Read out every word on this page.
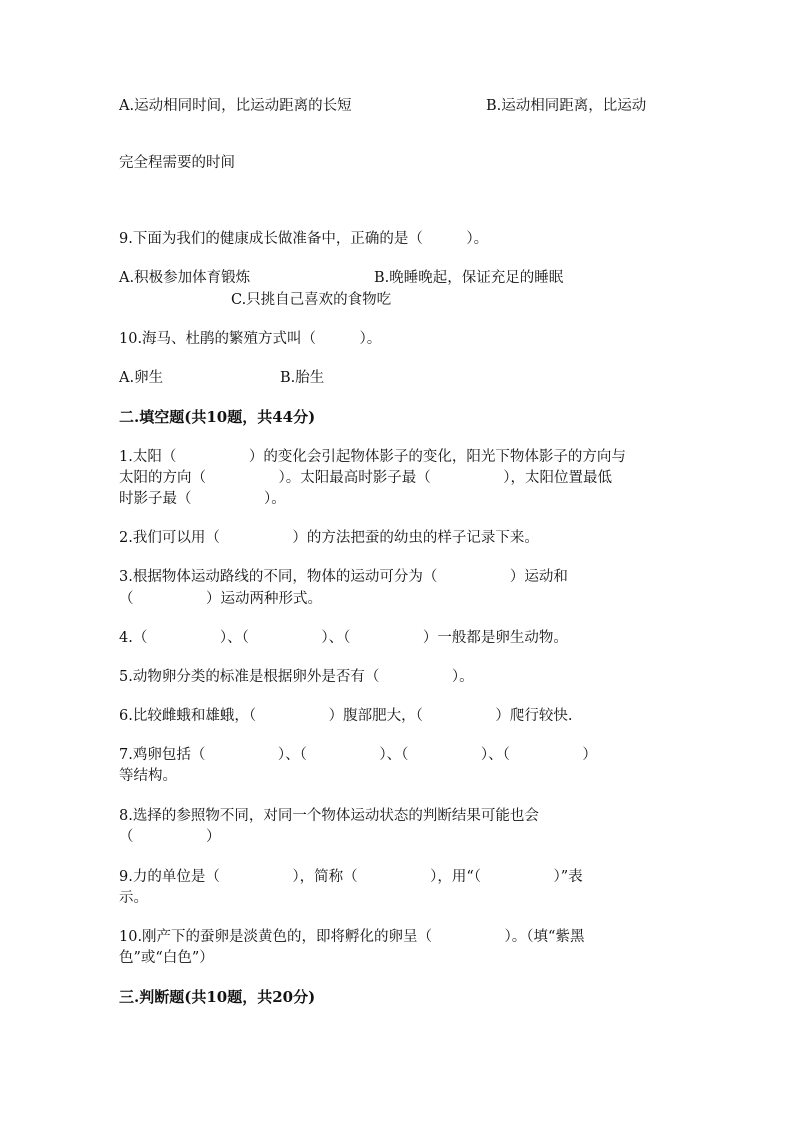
A.运动相同时间，比运动距离的长短	B.运动相同距离，比运动
完全程需要的时间
9.下面为我们的健康成长做准备中，正确的是（　　　）。
A.积极参加体育锻炼	B.晚睡晚起，保证充足的睡眠
C.只挑自己喜欢的食物吃
10.海马、杜鹃的繁殖方式叫（　　　）。
A.卵生	B.胎生
二.填空题(共10题，共44分)
1.太阳（　　　　　）的变化会引起物体影子的变化，阳光下物体影子的方向与
太阳的方向（　　　　　）。太阳最高时影子最（　　　　　），太阳位置最低
时影子最（　　　　　）。
2.我们可以用（　　　　　）的方法把蚕的幼虫的样子记录下来。
3.根据物体运动路线的不同，物体的运动可分为（　　　　　）运动和
（　　　　　）运动两种形式。
4.（　　　　　）、（　　　　　）、（　　　　　）一般都是卵生动物。
5.动物卵分类的标准是根据卵外是否有（　　　　　）。
6.比较雌蛾和雄蛾，（　　　　　）腹部肥大，（　　　　　）爬行较快.
7.鸡卵包括（　　　　　）、（　　　　　）、（　　　　　）、（　　　　　）
等结构。
8.选择的参照物不同，对同一个物体运动状态的判断结果可能也会
（　　　　　）
9.力的单位是（　　　　　），简称（　　　　　），用“（　　　　　）”表
示。
10.刚产下的蚕卵是淡黄色的，即将孵化的卵呈（　　　　　）。（填“紫黑
色”或“白色”）
三.判断题(共10题，共20分)
